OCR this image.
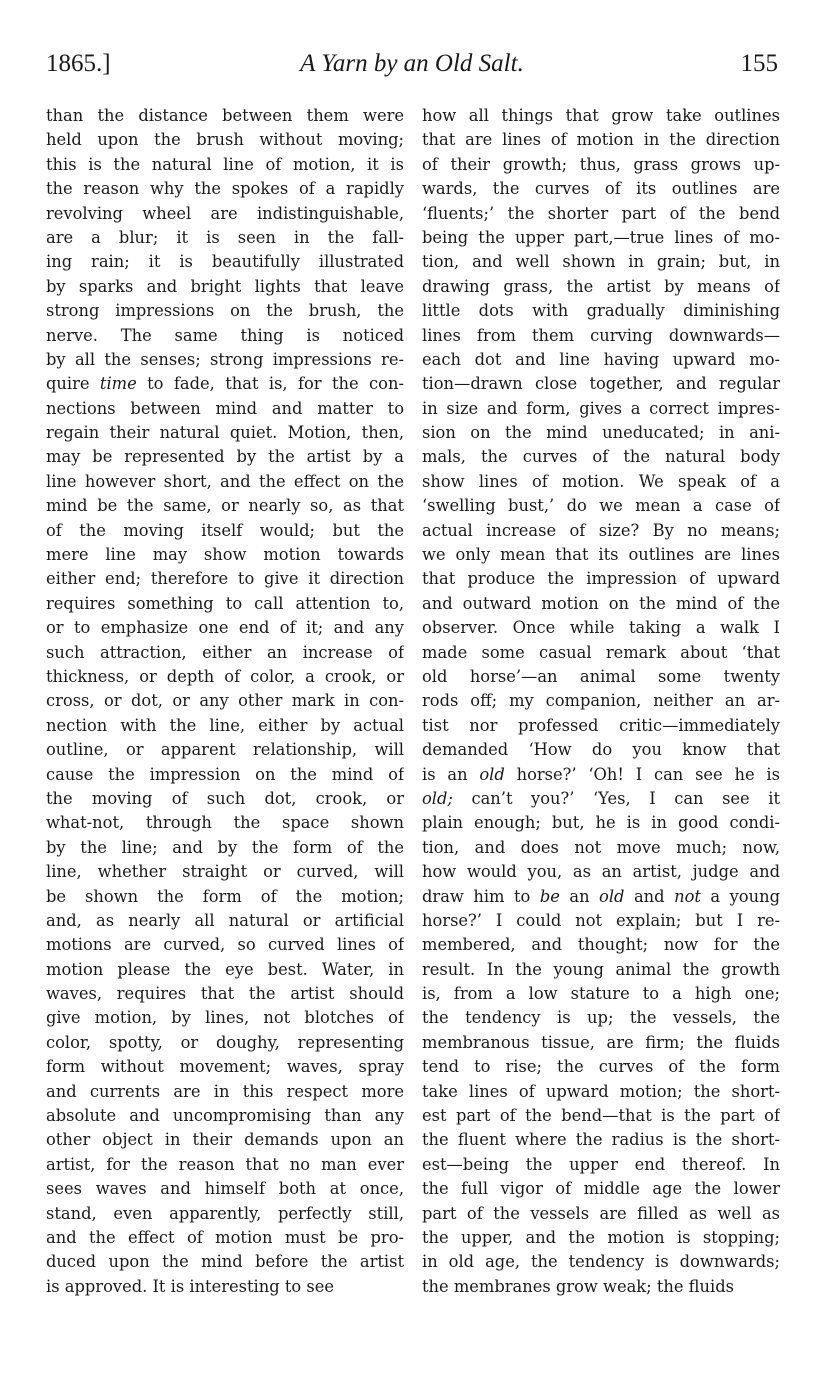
1865.]	A Yarn by an Old Salt.	155
than the distance between them were
held upon the brush without moving;
this is the natural line of motion, it is
the reason why the spokes of a rapidly
revolving wheel are indistinguishable,
are a blur; it is seen in the fall-
ing rain; it is beautifully illustrated
by sparks and bright lights that leave
strong impressions on the brush, the
nerve. The same thing is noticed
by all the senses; strong impressions re-
quire time to fade, that is, for the con-
nections between mind and matter to
regain their natural quiet. Motion, then,
may be represented by the artist by a
line however short, and the effect on the
mind be the same, or nearly so, as that
of the moving itself would; but the
mere line may show motion towards
either end; therefore to give it direction
requires something to call attention to,
or to emphasize one end of it; and any
such attraction, either an increase of
thickness, or depth of color, a crook, or
cross, or dot, or any other mark in con-
nection with the line, either by actual
outline, or apparent relationship, will
cause the impression on the mind of
the moving of such dot, crook, or
what-not, through the space shown
by the line; and by the form of the
line, whether straight or curved, will
be shown the form of the motion;
and, as nearly all natural or artificial
motions are curved, so curved lines of
motion please the eye best. Water, in
waves, requires that the artist should
give motion, by lines, not blotches of
color, spotty, or doughy, representing
form without movement; waves, spray
and currents are in this respect more
absolute and uncompromising than any
other object in their demands upon an
artist, for the reason that no man ever
sees waves and himself both at once,
stand, even apparently, perfectly still,
and the effect of motion must be pro-
duced upon the mind before the artist
is approved. It is interesting to see
how all things that grow take outlines
that are lines of motion in the direction
of their growth; thus, grass grows up-
wards, the curves of its outlines are
‘fluents;’ the shorter part of the bend
being the upper part,—true lines of mo-
tion, and well shown in grain; but, in
drawing grass, the artist by means of
little dots with gradually diminishing
lines from them curving downwards—
each dot and line having upward mo-
tion—drawn close together, and regular
in size and form, gives a correct impres-
sion on the mind uneducated; in ani-
mals, the curves of the natural body
show lines of motion. We speak of a
‘swelling bust,’ do we mean a case of
actual increase of size? By no means;
we only mean that its outlines are lines
that produce the impression of upward
and outward motion on the mind of the
observer. Once while taking a walk I
made some casual remark about ‘that
old horse’—an animal some twenty
rods off; my companion, neither an ar-
tist nor professed critic—immediately
demanded ‘How do you know that
is an old horse?’ ‘Oh! I can see he is
old; can’t you?’ ‘Yes, I can see it
plain enough; but, he is in good condi-
tion, and does not move much; now,
how would you, as an artist, judge and
draw him to be an old and not a young
horse?’ I could not explain; but I re-
membered, and thought; now for the
result. In the young animal the growth
is, from a low stature to a high one;
the tendency is up; the vessels, the
membranous tissue, are firm; the fluids
tend to rise; the curves of the form
take lines of upward motion; the short-
est part of the bend—that is the part of
the fluent where the radius is the short-
est—being the upper end thereof. In
the full vigor of middle age the lower
part of the vessels are filled as well as
the upper, and the motion is stopping;
in old age, the tendency is downwards;
the membranes grow weak; the fluids
